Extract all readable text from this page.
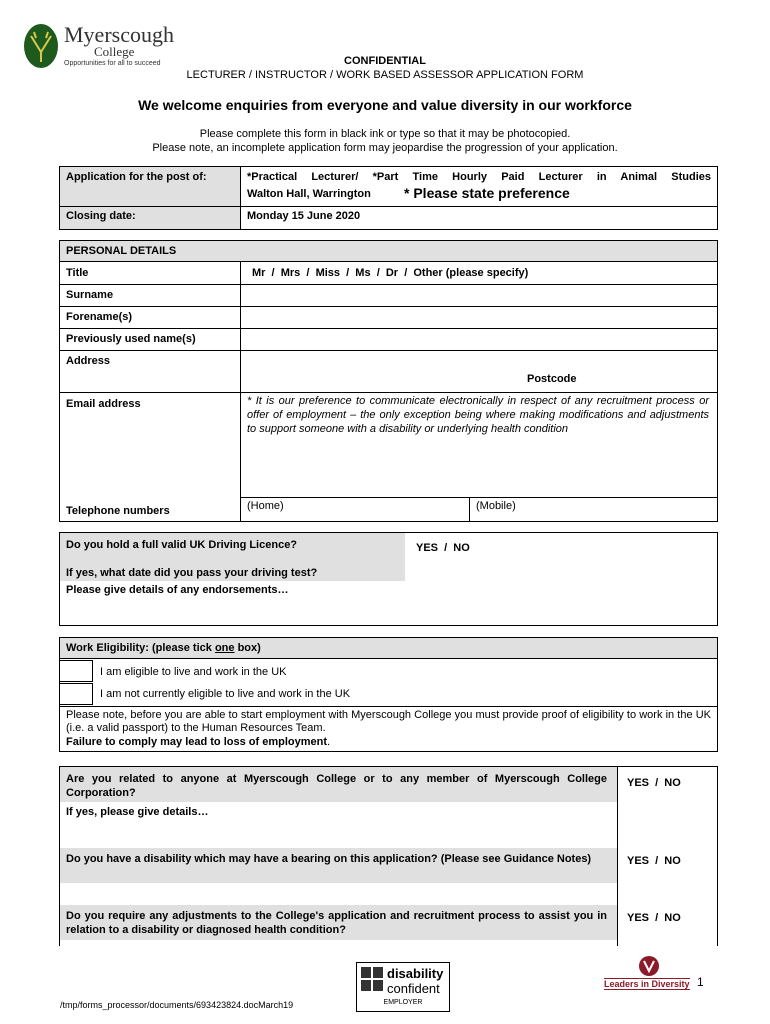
Myerscough
College
Opportunities for all to succeed	CONFIDENTIAL
LECTURER / INSTRUCTOR / WORK BASED ASSESSOR APPLICATION FORM
We welcome enquiries from everyone and value diversity in our workforce
Please complete this form in black ink or type so that it may be photocopied.
Please note, an incomplete application form may jeopardise the progression of your application.
Application for the post of:	*Practical Lecturer/ *Part Time Hourly Paid Lecturer in Animal Studies
Walton Hall, Warrington * Please state preference
Closing date:	Monday 15 June 2020
PERSONAL DETAILS
Title	Mr  /  Mrs  /  Miss  /  Ms  /  Dr  /  Other (please specify)
Surname
Forename(s)
Previously used name(s)
Address
Postcode
Email address	* It is our preference to communicate electronically in respect of any recruitment process or offer of employment – the only exception being where making modifications and adjustments to support someone with a disability or underlying health condition
Telephone numbers	(Home)	(Mobile)
Do you hold a full valid UK Driving Licence?	YES  /  NO
If yes, what date did you pass your driving test?
Please give details of any endorsements…
Work Eligibility: (please tick one box)
I am eligible to live and work in the UK
I am not currently eligible to live and work in the UK
Please note, before you are able to start employment with Myerscough College you must provide proof of eligibility to work in the UK (i.e. a valid passport) to the Human Resources Team.
Failure to comply may lead to loss of employment.
Are you related to anyone at Myerscough College or to any member of Myerscough College Corporation?
YES  /  NO
If yes, please give details…
Do you have a disability which may have a bearing on this application? (Please see Guidance Notes)	YES  /  NO
Do you require any adjustments to the College's application and recruitment process to assist you in relation to a disability or diagnosed health condition?
YES  /  NO
disability
confident
EMPLOYER
Leaders in Diversity 1
/tmp/forms_processor/documents/693423824.docMarch19
